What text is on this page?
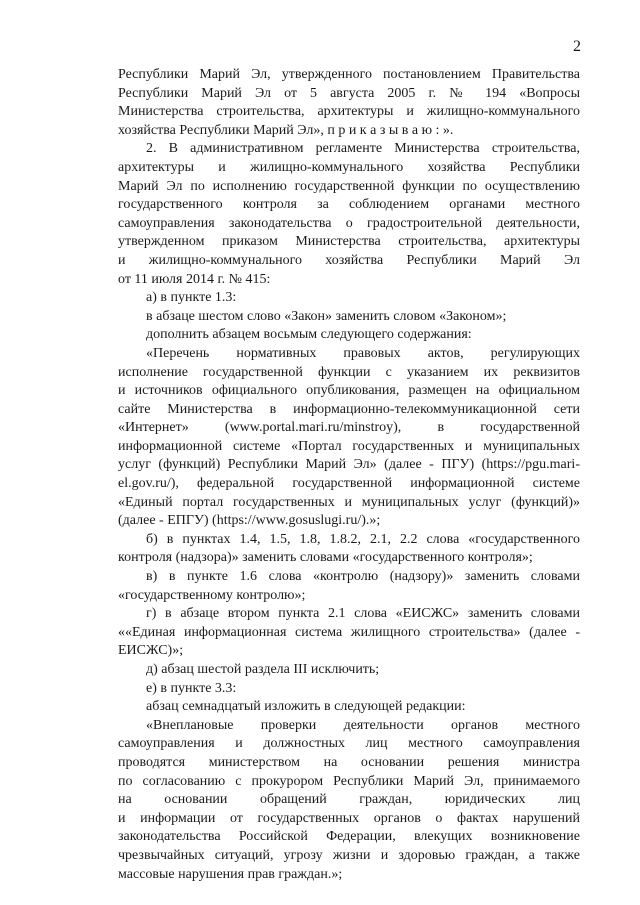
2
Республики Марий Эл, утвержденного постановлением Правительства
Республики Марий Эл от 5 августа 2005 г. № 194 «Вопросы
Министерства строительства, архитектуры и жилищно-коммунального
хозяйства Республики Марий Эл», п р и к а з ы в а ю : ».
2. В административном регламенте Министерства строительства,
архитектуры и жилищно-коммунального хозяйства Республики
Марий Эл по исполнению государственной функции по осуществлению
государственного контроля за соблюдением органами местного
самоуправления законодательства о градостроительной деятельности,
утвержденном приказом Министерства строительства, архитектуры
и жилищно-коммунального хозяйства Республики Марий Эл
от 11 июля 2014 г. № 415:
а) в пункте 1.3:
в абзаце шестом слово «Закон» заменить словом «Законом»;
дополнить абзацем восьмым следующего содержания:
«Перечень нормативных правовых актов, регулирующих
исполнение государственной функции с указанием их реквизитов
и источников официального опубликования, размещен на официальном
сайте Министерства в информационно-телекоммуникационной сети
«Интернет» (www.portal.mari.ru/minstroy), в государственной
информационной системе «Портал государственных и муниципальных
услуг (функций) Республики Марий Эл» (далее - ПГУ) (https://pgu.mari-
el.gov.ru/), федеральной государственной информационной системе
«Единый портал государственных и муниципальных услуг (функций)»
(далее - ЕПГУ) (https://www.gosuslugi.ru/).»;
б) в пунктах 1.4, 1.5, 1.8, 1.8.2, 2.1, 2.2 слова «государственного
контроля (надзора)» заменить словами «государственного контроля»;
в) в пункте 1.6 слова «контролю (надзору)» заменить словами
«государственному контролю»;
г) в абзаце втором пункта 2.1 слова «ЕИСЖС» заменить словами
««Единая информационная система жилищного строительства» (далее -
ЕИСЖС)»;
д) абзац шестой раздела III исключить;
е) в пункте 3.3:
абзац семнадцатый изложить в следующей редакции:
«Внеплановые проверки деятельности органов местного
самоуправления и должностных лиц местного самоуправления
проводятся министерством на основании решения министра
по согласованию с прокурором Республики Марий Эл, принимаемого
на основании обращений граждан, юридических лиц
и информации от государственных органов о фактах нарушений
законодательства Российской Федерации, влекущих возникновение
чрезвычайных ситуаций, угрозу жизни и здоровью граждан, а также
массовые нарушения прав граждан.»;
